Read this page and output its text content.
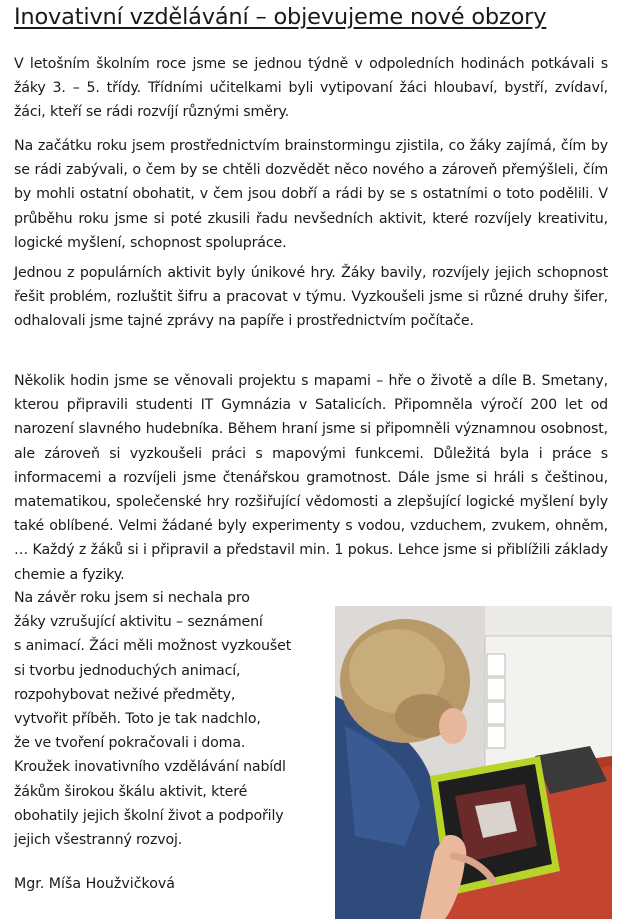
Inovativní vzdělávání – objevujeme nové obzory

V letošním školním roce jsme se jednou týdně v odpoledních hodinách potkávali s žáky 3. – 5. třídy. Třídními učitelkami byli vytipovaní žáci hloubaví, bystří, zvídaví, žáci, kteří se rádi rozvíjí různými směry.

Na začátku roku jsem prostřednictvím brainstormingu zjistila, co žáky zajímá, čím by se rádi zabývali, o čem by se chtěli dozvědět něco nového a zároveň přemýšleli, čím by mohli ostatní obohatit, v čem jsou dobří a rádi by se s ostatními o toto podělili. V průběhu roku jsme si poté zkusili řadu nevšedních aktivit, které rozvíjely kreativitu, logické myšlení, schopnost spolupráce.

Jednou z populárních aktivit byly únikové hry. Žáky bavily, rozvíjely jejich schopnost řešit problém, rozluštit šifru a pracovat v týmu. Vyzkoušeli jsme si různé druhy šifer, odhalovali jsme tajné zprávy na papíře i prostřednictvím počítače.

Několik hodin jsme se věnovali projektu s mapami – hře o životě a díle B. Smetany, kterou připravili studenti IT Gymnázia v Satalicích. Připomněla výročí 200 let od narození slavného hudebníka. Během hraní jsme si připomněli významnou osobnost, ale zároveň si vyzkoušeli práci s mapovými funkcemi. Důležitá byla i práce s informacemi a rozvíjeli jsme čtenářskou gramotnost. Dále jsme si hráli s češtinou, matematikou, společenské hry rozšiřující vědomosti a zlepšující logické myšlení byly také oblíbené. Velmi žádané byly experimenty s vodou, vzduchem, zvukem, ohněm, … Každý z žáků si i připravil a představil min. 1 pokus. Lehce jsme si přiblížili základy chemie a fyziky.

Na závěr roku jsem si nechala pro
žáky vzrušující aktivitu – seznámení
s animací. Žáci měli možnost vyzkoušet
si tvorbu jednoduchých animací,
rozpohybovat neživé předměty,
vytvořit příběh. Toto je tak nadchlo,
že ve tvoření pokračovali i doma.
Kroužek inovativního vzdělávání nabídl
žákům širokou škálu aktivit, které
obohatily jejich školní život a podpořily
jejich všestranný rozvoj.

Mgr. Míša Houžvičková
